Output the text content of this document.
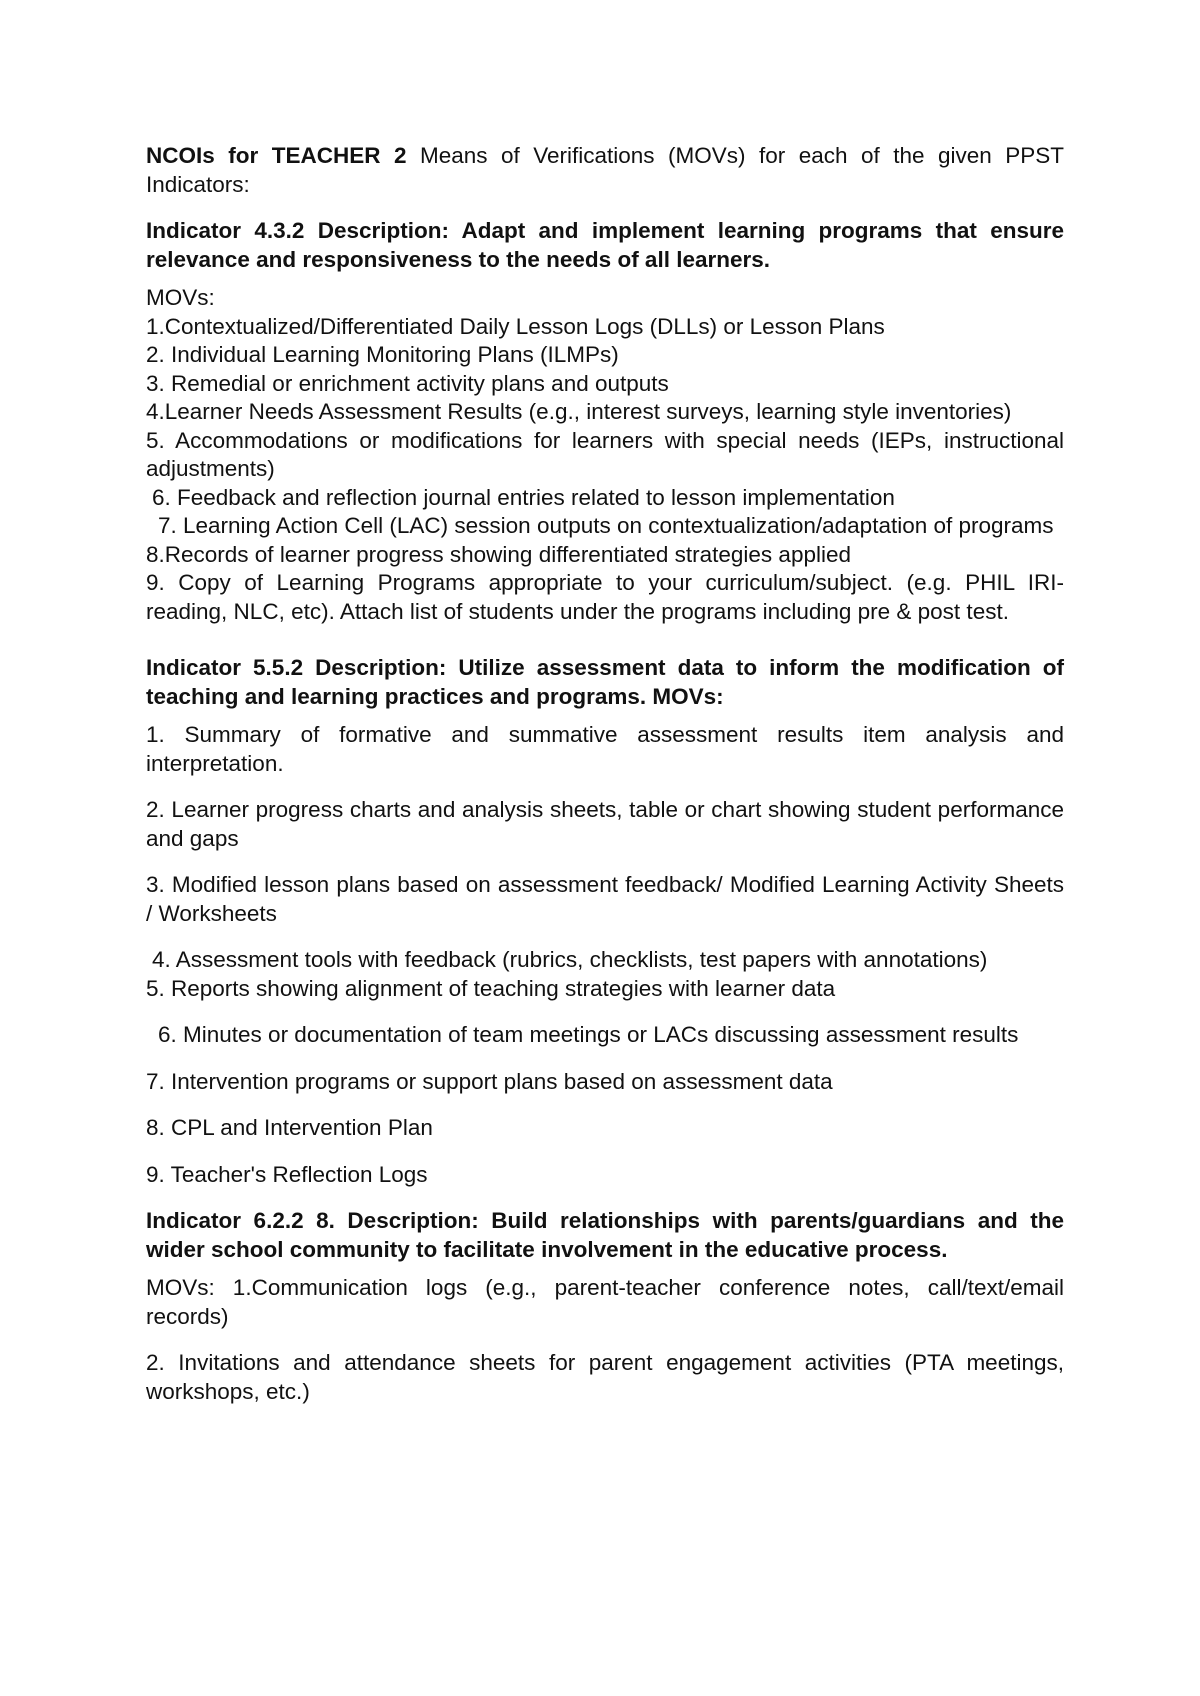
NCOIs for TEACHER 2 Means of Verifications (MOVs) for each of the given PPST Indicators:

Indicator 4.3.2 Description: Adapt and implement learning programs that ensure relevance and responsiveness to the needs of all learners.

MOVs:

1.Contextualized/Differentiated Daily Lesson Logs (DLLs) or Lesson Plans

2. Individual Learning Monitoring Plans (ILMPs)

3. Remedial or enrichment activity plans and outputs

4.Learner Needs Assessment Results (e.g., interest surveys, learning style inventories)

5. Accommodations or modifications for learners with special needs (IEPs, instructional adjustments)

6. Feedback and reflection journal entries related to lesson implementation

7. Learning Action Cell (LAC) session outputs on contextualization/adaptation of programs

8.Records of learner progress showing differentiated strategies applied

9. Copy of Learning Programs appropriate to your curriculum/subject. (e.g. PHIL IRI-reading, NLC, etc). Attach list of students under the programs including pre & post test.

Indicator 5.5.2 Description: Utilize assessment data to inform the modification of teaching and learning practices and programs. MOVs:

1. Summary of formative and summative assessment results item analysis and interpretation.

2. Learner progress charts and analysis sheets, table or chart showing student performance and gaps

3. Modified lesson plans based on assessment feedback/ Modified Learning Activity Sheets / Worksheets

4. Assessment tools with feedback (rubrics, checklists, test papers with annotations)

5. Reports showing alignment of teaching strategies with learner data

6. Minutes or documentation of team meetings or LACs discussing assessment results

7. Intervention programs or support plans based on assessment data

8. CPL and Intervention Plan

9. Teacher's Reflection Logs

Indicator 6.2.2 8. Description: Build relationships with parents/guardians and the wider school community to facilitate involvement in the educative process.

MOVs: 1.Communication logs (e.g., parent-teacher conference notes, call/text/email records)

2. Invitations and attendance sheets for parent engagement activities (PTA meetings, workshops, etc.)
